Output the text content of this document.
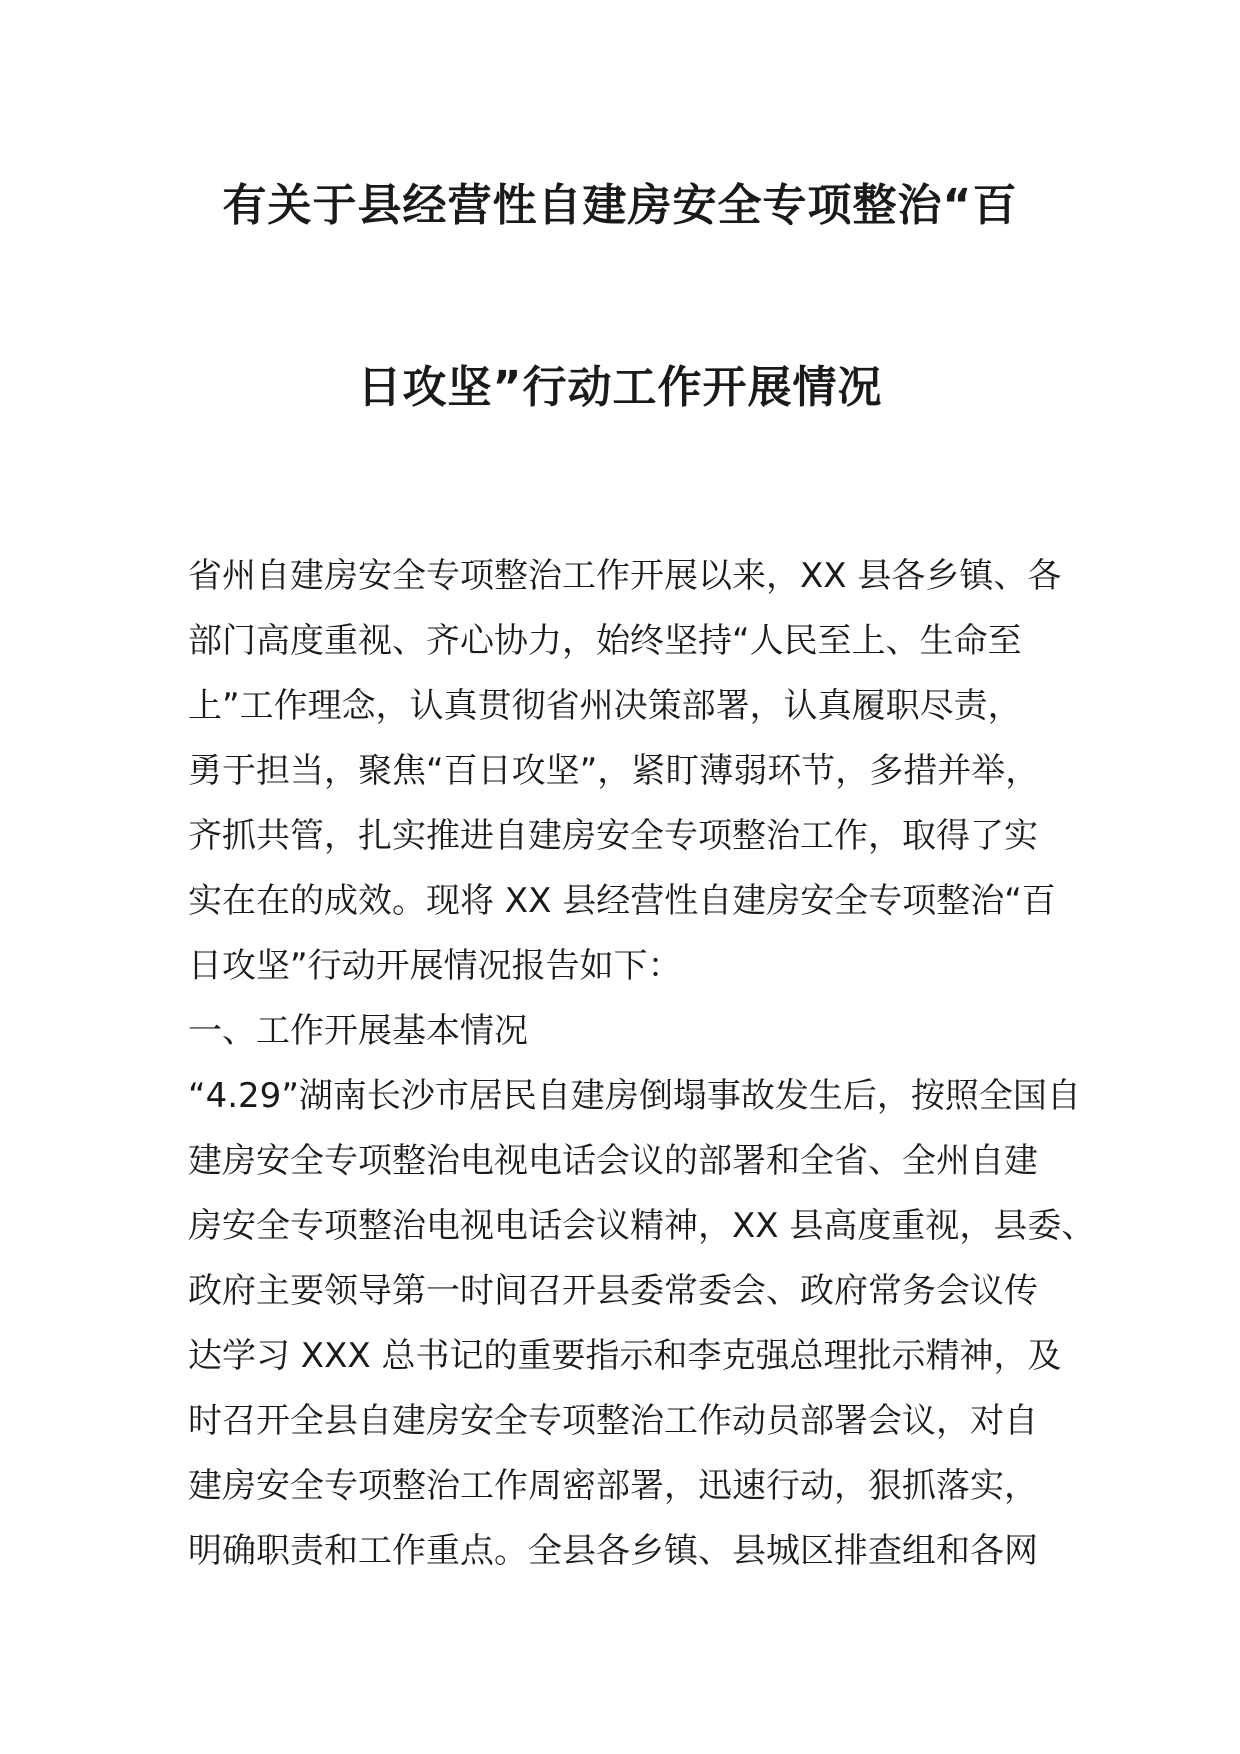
有关于县经营性自建房安全专项整治“百
日攻坚”行动工作开展情况
省州自建房安全专项整治工作开展以来，XX 县各乡镇、各
部门高度重视、齐心协力，始终坚持“人民至上、生命至
上”工作理念，认真贯彻省州决策部署，认真履职尽责，
勇于担当，聚焦“百日攻坚”，紧盯薄弱环节，多措并举，
齐抓共管，扎实推进自建房安全专项整治工作，取得了实
实在在的成效。现将 XX 县经营性自建房安全专项整治“百
日攻坚”行动开展情况报告如下：
一、工作开展基本情况
“4.29”湖南长沙市居民自建房倒塌事故发生后，按照全国自
建房安全专项整治电视电话会议的部署和全省、全州自建
房安全专项整治电视电话会议精神，XX 县高度重视，县委、
政府主要领导第一时间召开县委常委会、政府常务会议传
达学习 XXX 总书记的重要指示和李克强总理批示精神，及
时召开全县自建房安全专项整治工作动员部署会议，对自
建房安全专项整治工作周密部署，迅速行动，狠抓落实，
明确职责和工作重点。全县各乡镇、县城区排查组和各网
